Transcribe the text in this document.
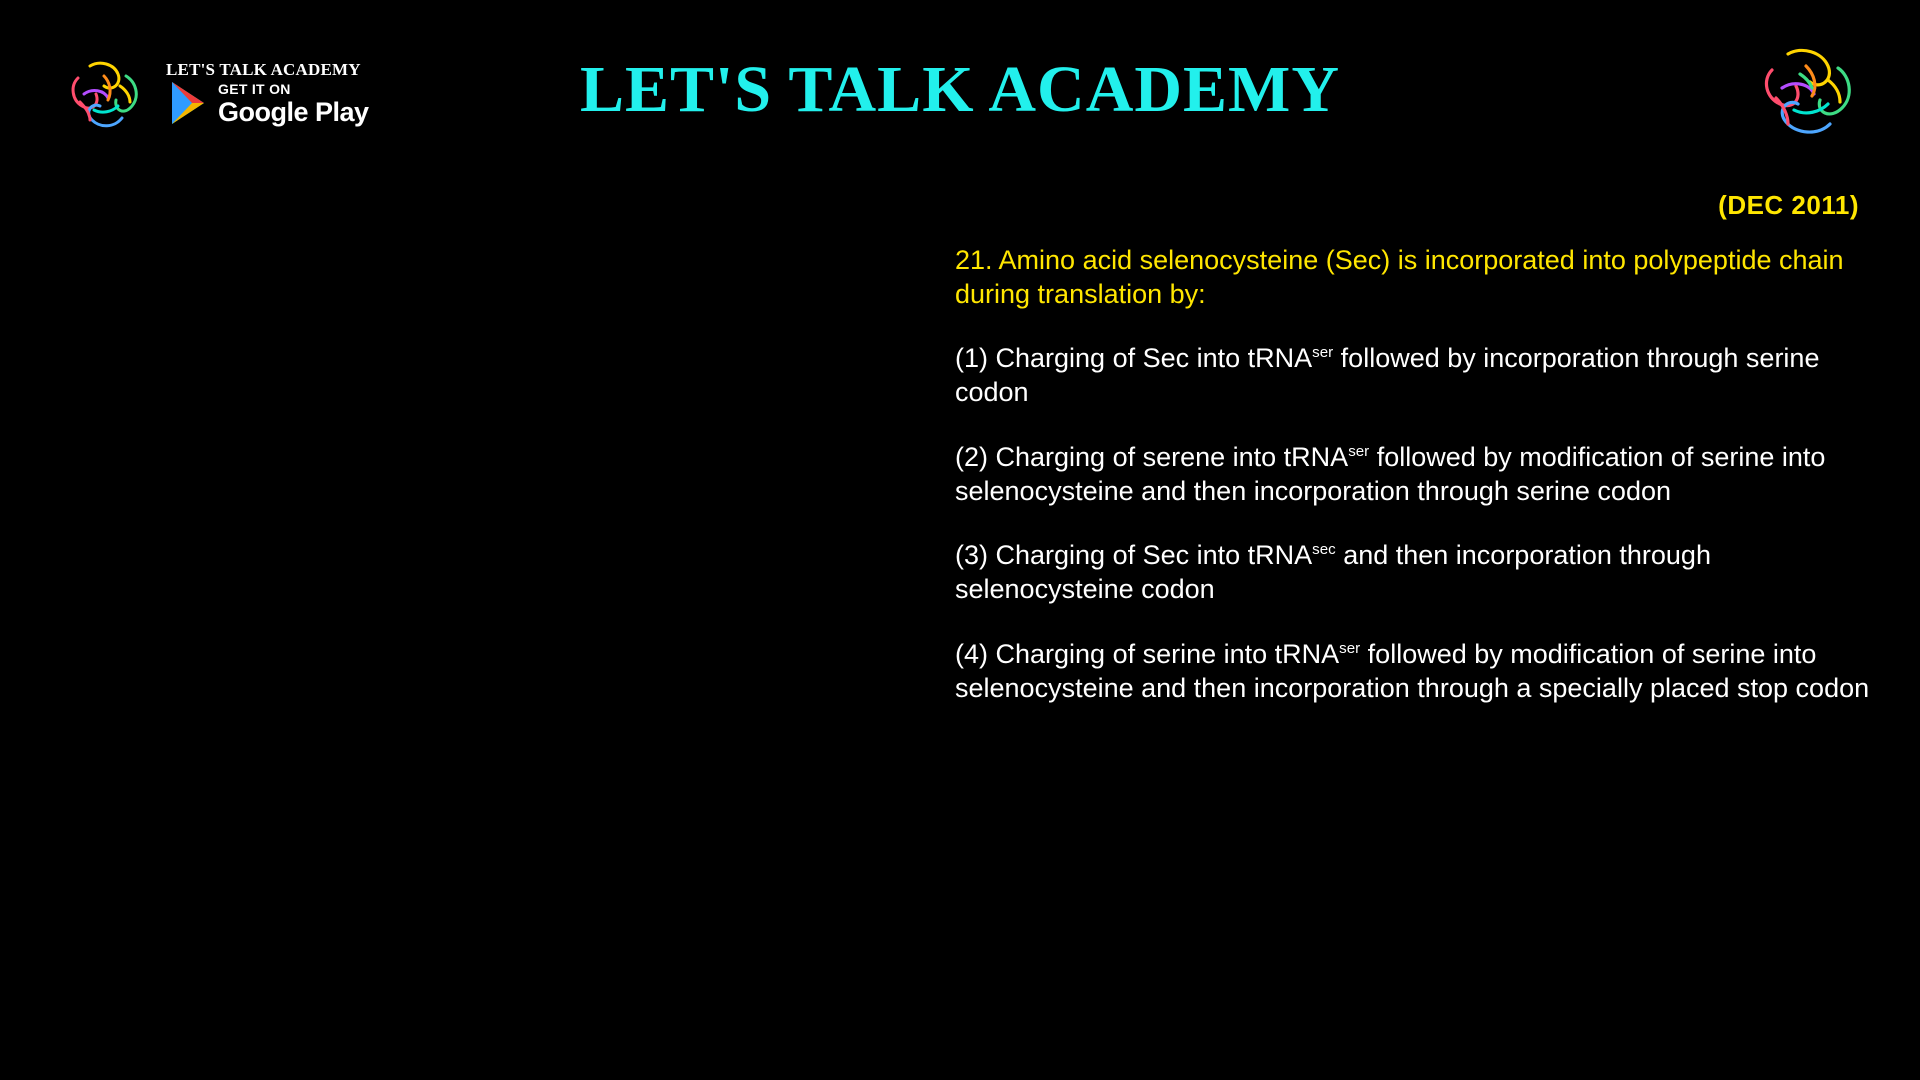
LET'S TALK ACADEMY
GET IT ON
Google Play	LET'S TALK ACADEMY
(DEC 2011)
21. Amino acid selenocysteine (Sec) is incorporated into polypeptide chain during translation by:
(1) Charging of Sec into tRNA$^{ser}$ followed by incorporation through serine codon
(2) Charging of serene into tRNA$^{ser}$ followed by modification of serine into selenocysteine and then incorporation through serine codon
(3) Charging of Sec into tRNA$^{sec}$ and then incorporation through selenocysteine codon
(4) Charging of serine into tRNA$^{ser}$ followed by modification of serine into selenocysteine and then incorporation through a specially placed stop codon
